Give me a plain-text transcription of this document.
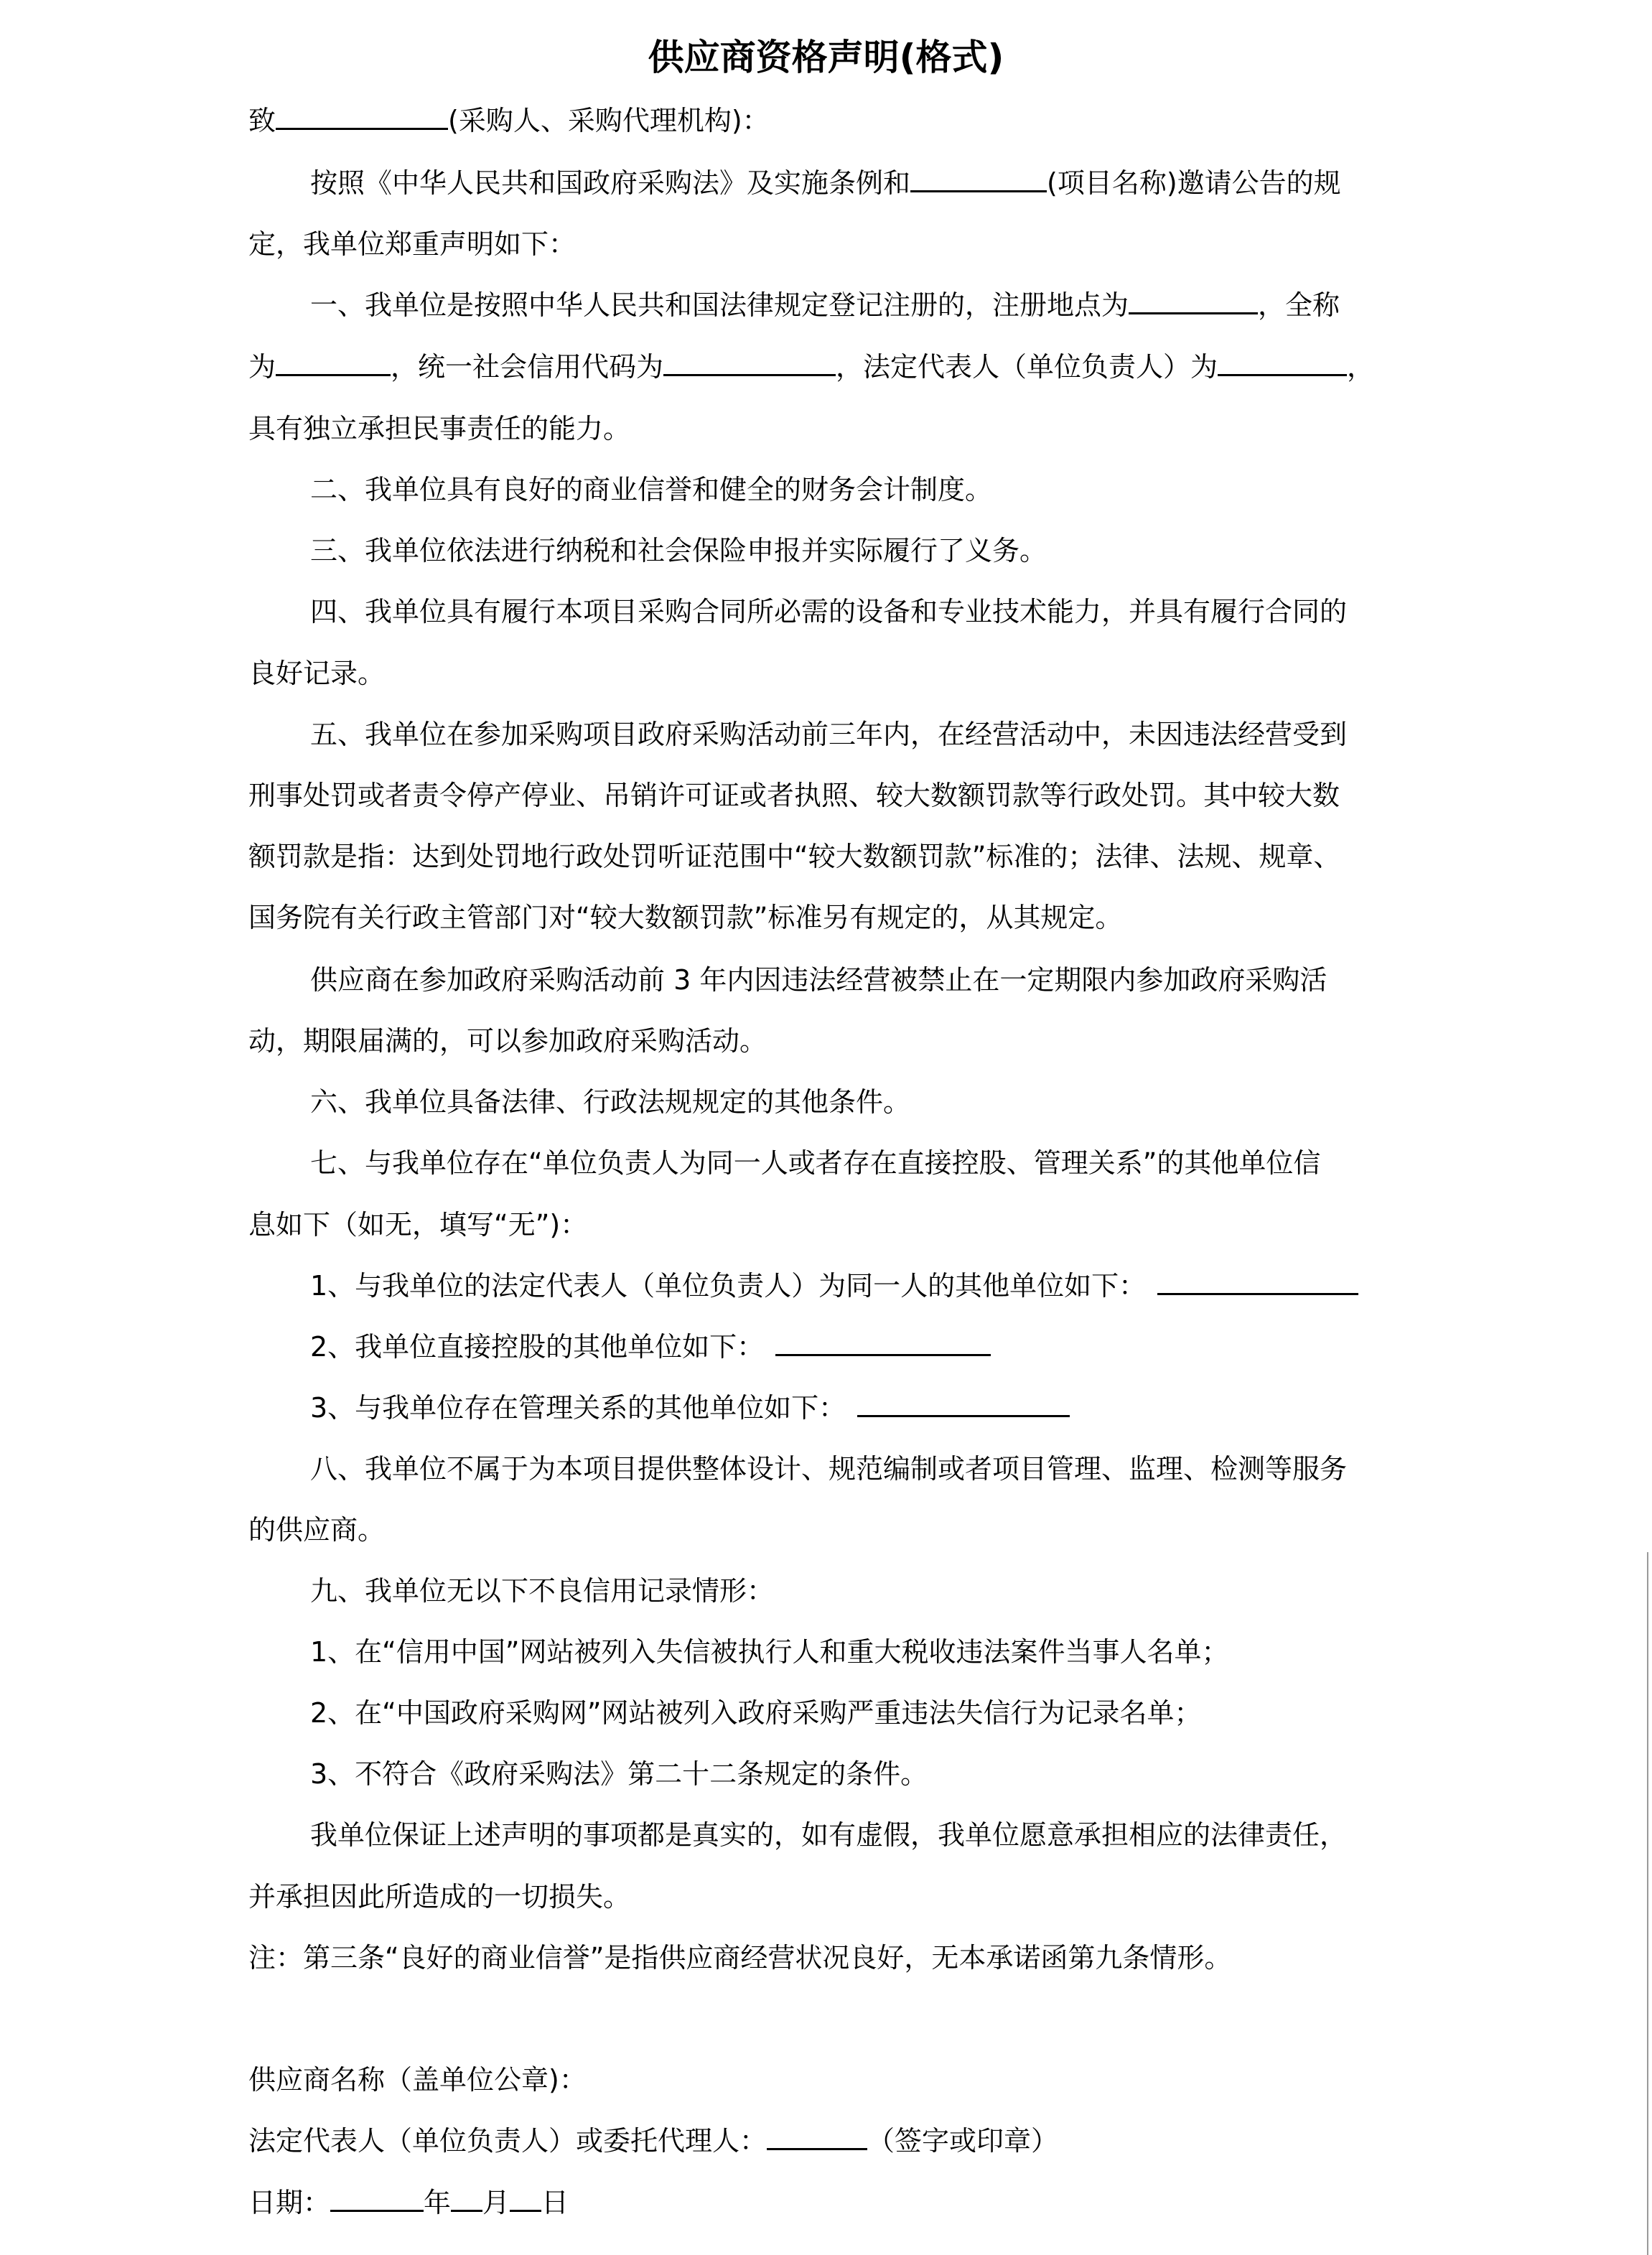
供应商资格声明(格式)
致	(采购人、采购代理机构)：
按照《中华人民共和国政府采购法》及实施条例和	(项目名称)邀请公告的规
定，我单位郑重声明如下：
一、我单位是按照中华人民共和国法律规定登记注册的，注册地点为	，全称
为	，统一社会信用代码为	，法定代表人（单位负责人）为	，
具有独立承担民事责任的能力。
二、我单位具有良好的商业信誉和健全的财务会计制度。
三、我单位依法进行纳税和社会保险申报并实际履行了义务。
四、我单位具有履行本项目采购合同所必需的设备和专业技术能力，并具有履行合同的
良好记录。
五、我单位在参加采购项目政府采购活动前三年内，在经营活动中，未因违法经营受到
刑事处罚或者责令停产停业、吊销许可证或者执照、较大数额罚款等行政处罚。其中较大数
额罚款是指：达到处罚地行政处罚听证范围中“较大数额罚款”标准的；法律、法规、规章、
国务院有关行政主管部门对“较大数额罚款”标准另有规定的，从其规定。
供应商在参加政府采购活动前 3 年内因违法经营被禁止在一定期限内参加政府采购活
动，期限届满的，可以参加政府采购活动。
六、我单位具备法律、行政法规规定的其他条件。
七、与我单位存在“单位负责人为同一人或者存在直接控股、管理关系”的其他单位信
息如下（如无，填写“无”)：
1、与我单位的法定代表人（单位负责人）为同一人的其他单位如下：
2、我单位直接控股的其他单位如下：
3、与我单位存在管理关系的其他单位如下：
八、我单位不属于为本项目提供整体设计、规范编制或者项目管理、监理、检测等服务
的供应商。
九、我单位无以下不良信用记录情形：
1、在“信用中国”网站被列入失信被执行人和重大税收违法案件当事人名单；
2、在“中国政府采购网”网站被列入政府采购严重违法失信行为记录名单；
3、不符合《政府采购法》第二十二条规定的条件。
我单位保证上述声明的事项都是真实的，如有虚假，我单位愿意承担相应的法律责任，
并承担因此所造成的一切损失。
注：第三条“良好的商业信誉”是指供应商经营状况良好，无本承诺函第九条情形。
供应商名称（盖单位公章)：
法定代表人（单位负责人）或委托代理人：	（签字或印章）
日期：	年 月 日
